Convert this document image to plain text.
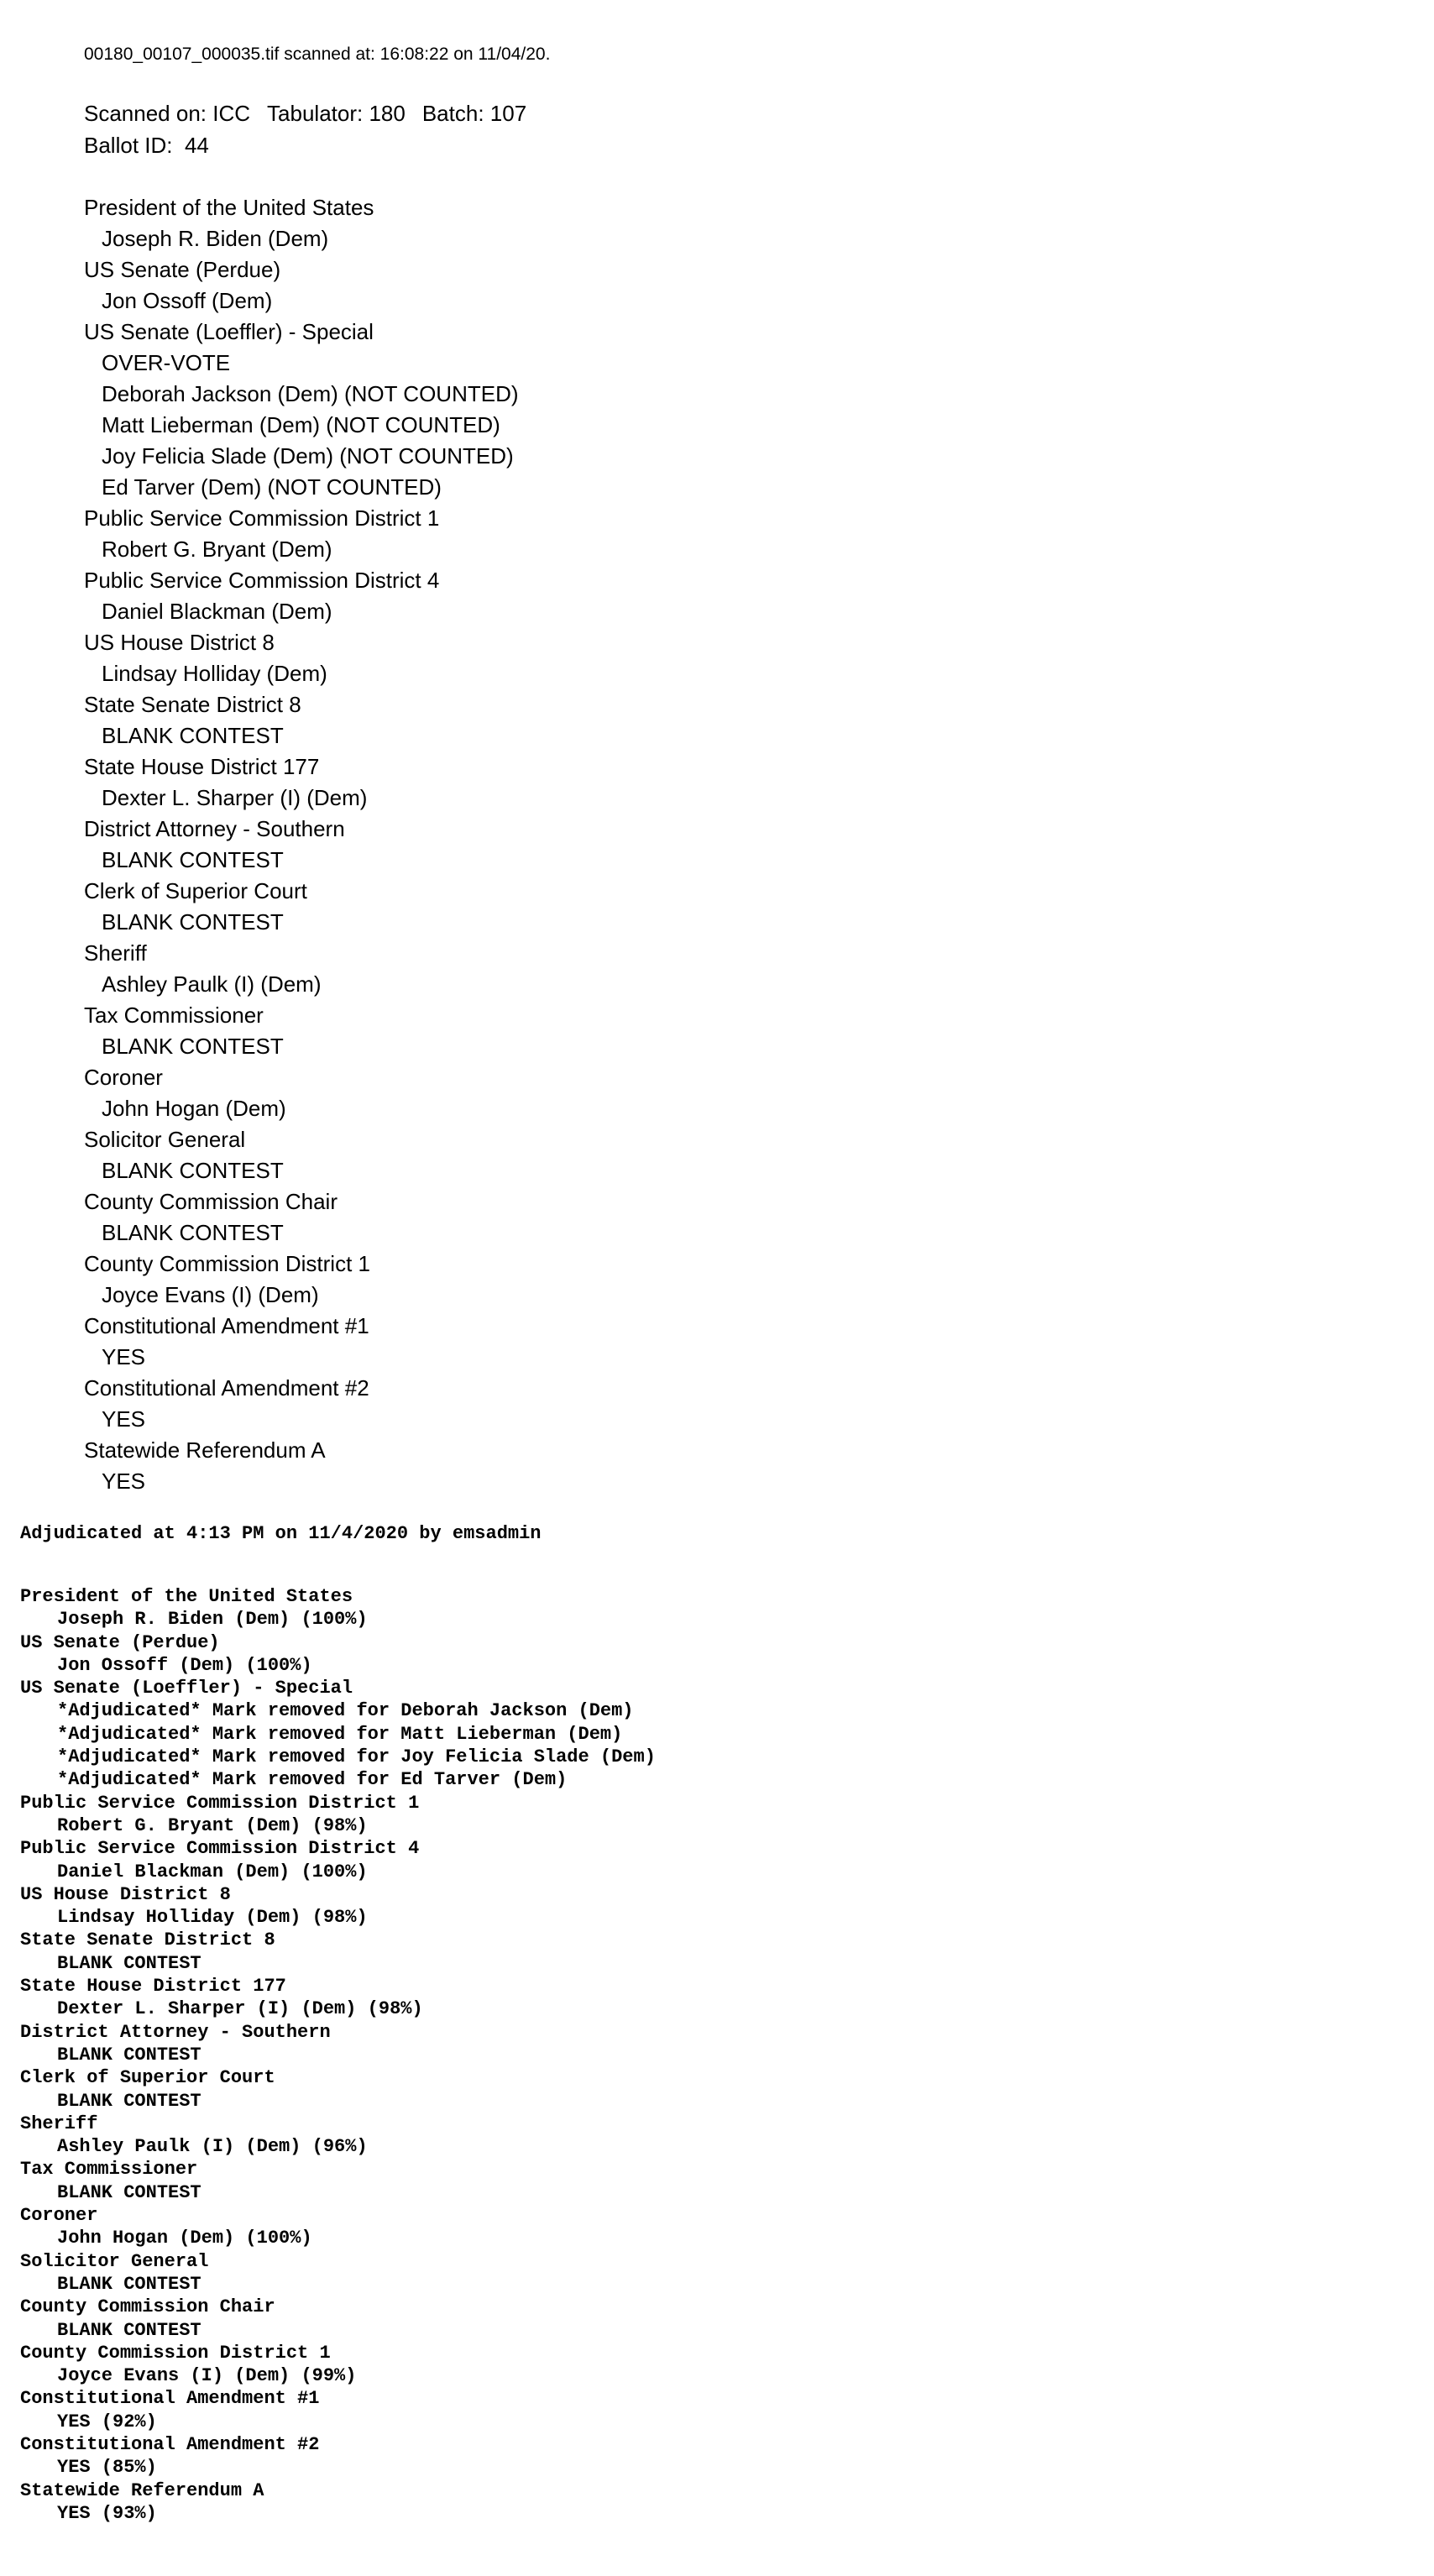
00180_00107_000035.tif scanned at: 16:08:22 on 11/04/20.
Scanned on: ICC Tabulator: 180 Batch: 107
Ballot ID: 44
President of the United States
Joseph R. Biden (Dem)
US Senate (Perdue)
Jon Ossoff (Dem)
US Senate (Loeffler) - Special
OVER-VOTE
Deborah Jackson (Dem) (NOT COUNTED)
Matt Lieberman (Dem) (NOT COUNTED)
Joy Felicia Slade (Dem) (NOT COUNTED)
Ed Tarver (Dem) (NOT COUNTED)
Public Service Commission District 1
Robert G. Bryant (Dem)
Public Service Commission District 4
Daniel Blackman (Dem)
US House District 8
Lindsay Holliday (Dem)
State Senate District 8
BLANK CONTEST
State House District 177
Dexter L. Sharper (I) (Dem)
District Attorney - Southern
BLANK CONTEST
Clerk of Superior Court
BLANK CONTEST
Sheriff
Ashley Paulk (I) (Dem)
Tax Commissioner
BLANK CONTEST
Coroner
John Hogan (Dem)
Solicitor General
BLANK CONTEST
County Commission Chair
BLANK CONTEST
County Commission District 1
Joyce Evans (I) (Dem)
Constitutional Amendment #1
YES
Constitutional Amendment #2
YES
Statewide Referendum A
YES
Adjudicated at 4:13 PM on 11/4/2020 by emsadmin
President of the United States
Joseph R. Biden (Dem) (100%)
US Senate (Perdue)
Jon Ossoff (Dem) (100%)
US Senate (Loeffler) - Special
*Adjudicated* Mark removed for Deborah Jackson (Dem)
*Adjudicated* Mark removed for Matt Lieberman (Dem)
*Adjudicated* Mark removed for Joy Felicia Slade (Dem)
*Adjudicated* Mark removed for Ed Tarver (Dem)
Public Service Commission District 1
Robert G. Bryant (Dem) (98%)
Public Service Commission District 4
Daniel Blackman (Dem) (100%)
US House District 8
Lindsay Holliday (Dem) (98%)
State Senate District 8
BLANK CONTEST
State House District 177
Dexter L. Sharper (I) (Dem) (98%)
District Attorney - Southern
BLANK CONTEST
Clerk of Superior Court
BLANK CONTEST
Sheriff
Ashley Paulk (I) (Dem) (96%)
Tax Commissioner
BLANK CONTEST
Coroner
John Hogan (Dem) (100%)
Solicitor General
BLANK CONTEST
County Commission Chair
BLANK CONTEST
County Commission District 1
Joyce Evans (I) (Dem) (99%)
Constitutional Amendment #1
YES (92%)
Constitutional Amendment #2
YES (85%)
Statewide Referendum A
YES (93%)
